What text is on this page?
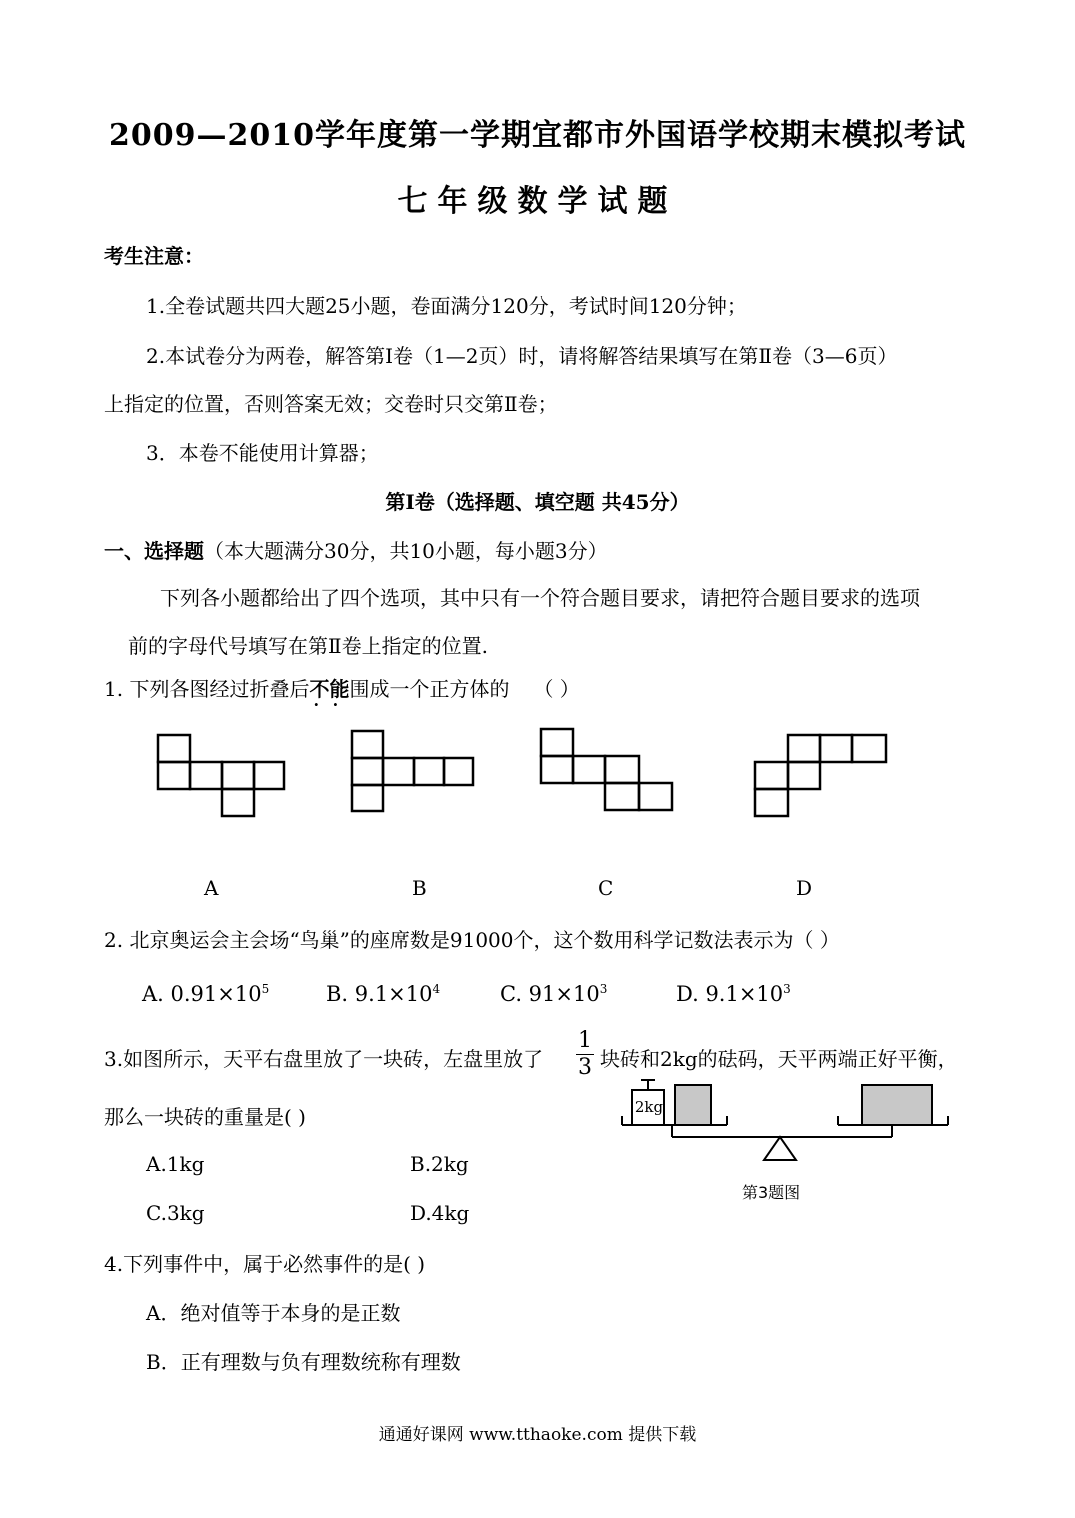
2009—2010学年度第一学期宜都市外国语学校期末模拟考试
七年级数学试题
考生注意：
1.全卷试题共四大题25小题，卷面满分120分，考试时间120分钟；
2.本试卷分为两卷，解答第Ⅰ卷（1—2页）时，请将解答结果填写在第Ⅱ卷（3—6页）
上指定的位置，否则答案无效；交卷时只交第Ⅱ卷；
3．本卷不能使用计算器；
第Ⅰ卷（选择题、填空题 共45分）
一、选择题（本大题满分30分，共10小题，每小题3分）
下列各小题都给出了四个选项，其中只有一个符合题目要求，请把符合题目要求的选项
前的字母代号填写在第Ⅱ卷上指定的位置.
1. 下列各图经过折叠后不能 · ·围成一个正方体的 （ ）
A	B	C	D
2. 北京奥运会主会场“鸟巢”的座席数是91000个，这个数用科学记数法表示为（ ）
A. $0.91\times 10^5$	B. $9.1\times 10^4$	C. $91\times 10^3$	D. $9.1\times 10^3$
3.如图所示，天平右盘里放了一块砖，左盘里放了
1
3 块砖和2kg的砝码，天平两端正好平衡，
那么一块砖的重量是( )
A.1kg	B.2kg
C.3kg	D.4kg
2kg
第3题图
4.下列事件中，属于必然事件的是( )
A．绝对值等于本身的是正数
B．正有理数与负有理数统称有理数
通通好课网 www.tthaoke.com 提供下载
